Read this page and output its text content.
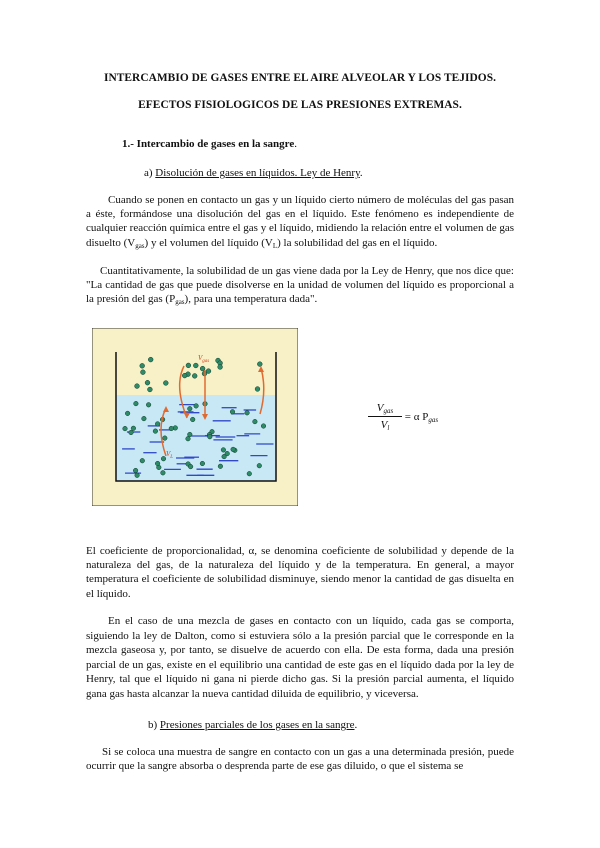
INTERCAMBIO DE GASES ENTRE EL AIRE ALVEOLAR Y LOS TEJIDOS.
EFECTOS FISIOLOGICOS DE LAS PRESIONES EXTREMAS.
1.- Intercambio de gases en la sangre.
a) Disolución de gases en líquidos. Ley de Henry.
Cuando se ponen en contacto un gas y un líquido cierto número de moléculas del gas pasan a éste, formándose una disolución del gas en el líquido. Este fenómeno es independiente de cualquier reacción química entre el gas y el líquido, midiendo la relación entre el volumen de gas disuelto $(V_{gas})$ y el volumen del líquido $(V_L)$ la solubilidad del gas en el líquido.
Cuantitativamente, la solubilidad de un gas viene dada por la Ley de Henry, que nos dice que: "La cantidad de gas que puede disolverse en la unidad de volumen del líquido es proporcional a la presión del gas $(P_{gas})$, para una temperatura dada".
$V_{gas}$
$V_L$
$V_{gas}$
$V_l$
= α $P_{gas}$
El coeficiente de proporcionalidad, α, se denomina coeficiente de solubilidad y depende de la naturaleza del gas, de la naturaleza del líquido y de la temperatura. En general, a mayor temperatura el coeficiente de solubilidad disminuye, siendo menor la cantidad de gas disuelta en el líquido.
En el caso de una mezcla de gases en contacto con un líquido, cada gas se comporta, siguiendo la ley de Dalton, como si estuviera sólo a la presión parcial que le corresponde en la mezcla gaseosa y, por tanto, se disuelve de acuerdo con ella. De esta forma, dada una presión parcial de un gas, existe en el equilibrio una cantidad de este gas en el líquido dada por la ley de Henry, tal que el líquido ni gana ni pierde dicho gas. Si la presión parcial aumenta, el líquido gana gas hasta alcanzar la nueva cantidad diluida de equilibrio, y viceversa.
b) Presiones parciales de los gases en la sangre.
Si se coloca una muestra de sangre en contacto con un gas a una determinada presión, puede ocurrir que la sangre absorba o desprenda parte de ese gas diluido, o que el sistema se
